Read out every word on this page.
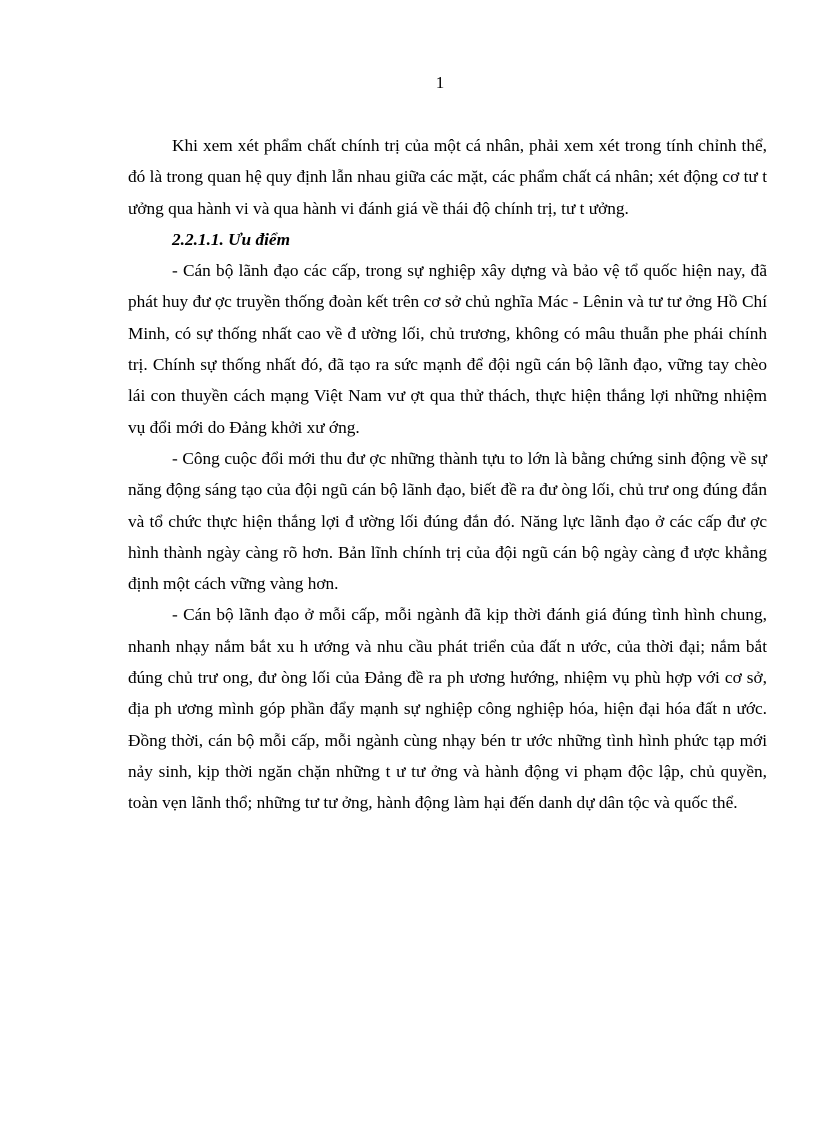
1

Khi xem xét phẩm chất chính trị của một cá nhân, phải xem xét trong tính chỉnh thể, đó là trong quan hệ quy định lẫn nhau giữa các mặt, các phẩm chất cá nhân; xét động cơ tư t ưởng qua hành vi và qua hành vi đánh giá về thái độ chính trị, tư t ưởng.

2.2.1.1. Ưu điểm

- Cán bộ lãnh đạo các cấp, trong sự nghiệp xây dựng và bảo vệ tổ quốc hiện nay, đã phát huy đư ợc truyền thống đoàn kết trên cơ sở chủ nghĩa Mác - Lênin và tư tư ởng Hồ Chí Minh, có sự thống nhất cao về đ ường lối, chủ trương, không có mâu thuẫn phe phái chính trị. Chính sự thống nhất đó, đã tạo ra sức mạnh để đội ngũ cán bộ lãnh đạo, vững tay chèo lái con thuyền cách mạng Việt Nam vư ợt qua thử thách, thực hiện thắng lợi những nhiệm vụ đổi mới do Đảng khởi xư ớng.

- Công cuộc đổi mới thu đư ợc những thành tựu to lớn là bằng chứng sinh động về sự năng động sáng tạo của đội ngũ cán bộ lãnh đạo, biết đề ra đư òng lối, chủ trư ong đúng đắn và tổ chức thực hiện thắng lợi đ ường lối đúng đắn đó. Năng lực lãnh đạo ở các cấp đư ợc hình thành ngày càng rõ hơn. Bản lĩnh chính trị của đội ngũ cán bộ ngày càng đ ược khẳng định một cách vững vàng hơn.

- Cán bộ lãnh đạo ở mỗi cấp, mỗi ngành đã kịp thời đánh giá đúng tình hình chung, nhanh nhạy nắm bắt xu h ướng và nhu cầu phát triển của đất n ước, của thời đại; nắm bắt đúng chủ trư ong, đư òng lối của Đảng đề ra ph ương hướng, nhiệm vụ phù hợp với cơ sở, địa ph ương mình góp phần đẩy mạnh sự nghiệp công nghiệp hóa, hiện đại hóa đất n ước. Đồng thời, cán bộ mỗi cấp, mỗi ngành cùng nhạy bén tr ước những tình hình phức tạp mới nảy sinh, kịp thời ngăn chặn những t ư tư ởng và hành động vi phạm độc lập, chủ quyền, toàn vẹn lãnh thổ; những tư tư ởng, hành động làm hại đến danh dự dân tộc và quốc thể.
